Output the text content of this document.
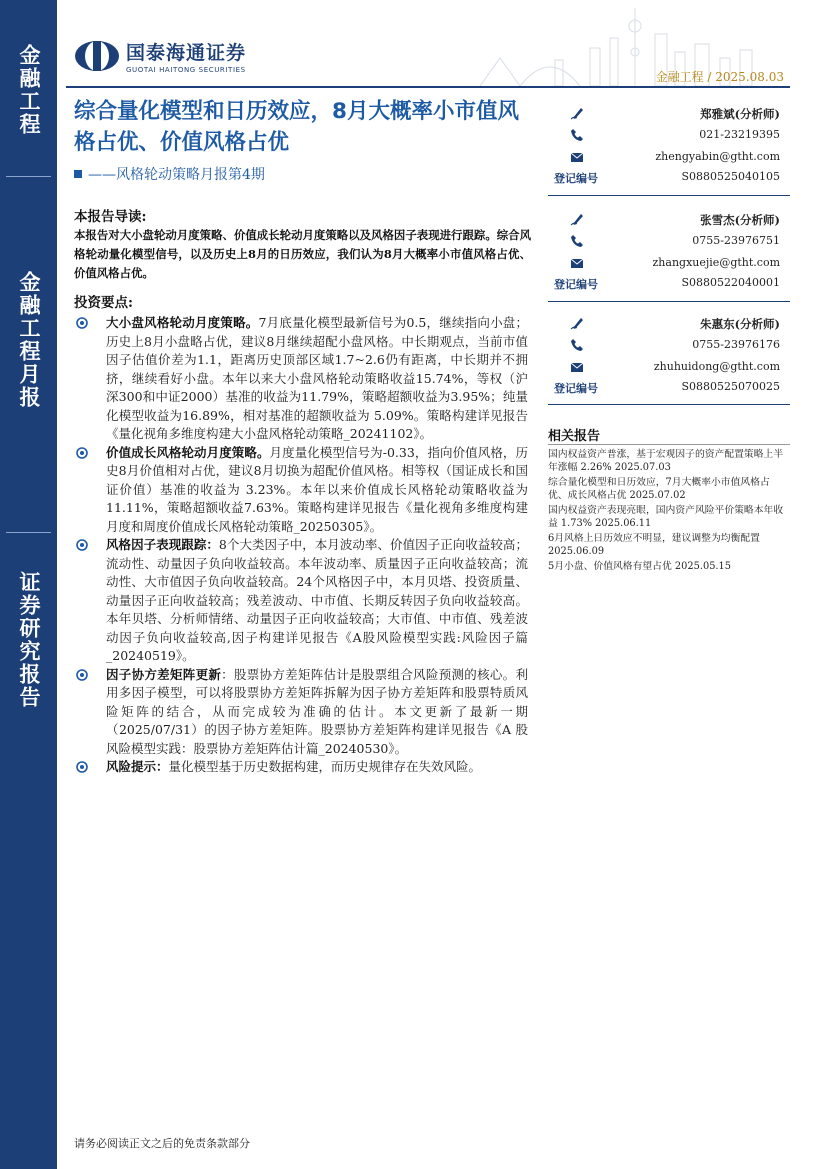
金融工程
金融工程月报
证券研究报告
国泰海通证券
GUOTAI HAITONG SECURITIES	金融工程 / 2025.08.03
综合量化模型和日历效应，8月大概率小市值风格占优、价值风格占优
——风格轮动策略月报第4期
本报告导读:
本报告对大小盘轮动月度策略、价值成长轮动月度策略以及风格因子表现进行跟踪。综合风格轮动量化模型信号，以及历史上8月的日历效应，我们认为8月大概率小市值风格占优、价值风格占优。
投资要点:
大小盘风格轮动月度策略。7月底量化模型最新信号为0.5，继续指向小盘；历史上8月小盘略占优，建议8月继续超配小盘风格。中长期观点，当前市值因子估值价差为1.1，距离历史顶部区域1.7~2.6仍有距离，中长期并不拥挤，继续看好小盘。本年以来大小盘风格轮动策略收益15.74%，等权（沪深300和中证2000）基准的收益为11.79%，策略超额收益为3.95%；纯量化模型收益为16.89%，相对基准的超额收益为 5.09%。策略构建详见报告《量化视角多维度构建大小盘风格轮动策略_20241102》。
价值成长风格轮动月度策略。月度量化模型信号为-0.33，指向价值风格，历史8月价值相对占优，建议8月切换为超配价值风格。相等权（国证成长和国证价值）基准的收益为 3.23%。本年以来价值成长风格轮动策略收益为11.11%，策略超额收益7.63%。策略构建详见报告《量化视角多维度构建月度和周度价值成长风格轮动策略_20250305》。
风格因子表现跟踪：8个大类因子中，本月波动率、价值因子正向收益较高；流动性、动量因子负向收益较高。本年波动率、质量因子正向收益较高；流动性、大市值因子负向收益较高。24个风格因子中，本月贝塔、投资质量、动量因子正向收益较高；残差波动、中市值、长期反转因子负向收益较高。本年贝塔、分析师情绪、动量因子正向收益较高；大市值、中市值、残差波动因子负向收益较高,因子构建详见报告《A股风险模型实践:风险因子篇_20240519》。
因子协方差矩阵更新：股票协方差矩阵估计是股票组合风险预测的核心。利用多因子模型，可以将股票协方差矩阵拆解为因子协方差矩阵和股票特质风险矩阵的结合，从而完成较为准确的估计。本文更新了最新一期（2025/07/31）的因子协方差矩阵。股票协方差矩阵构建详见报告《A 股风险模型实践：股票协方差矩阵估计篇_20240530》。
风险提示：量化模型基于历史数据构建，而历史规律存在失效风险。
郑雅斌(分析师)
021-23219395
zhengyabin@gtht.com
登记编号	S0880525040105
张雪杰(分析师)
0755-23976751
zhangxuejie@gtht.com
登记编号	S0880522040001
朱惠东(分析师)
0755-23976176
zhuhuidong@gtht.com
登记编号	S0880525070025
相关报告
国内权益资产普涨，基于宏观因子的资产配置策略上半年涨幅 2.26% 2025.07.03
综合量化模型和日历效应，7月大概率小市值风格占优、成长风格占优 2025.07.02
国内权益资产表现亮眼，国内资产风险平价策略本年收益 1.73% 2025.06.11
6月风格上日历效应不明显，建议调整为均衡配置 2025.06.09
5月小盘、价值风格有望占优 2025.05.15
请务必阅读正文之后的免责条款部分
